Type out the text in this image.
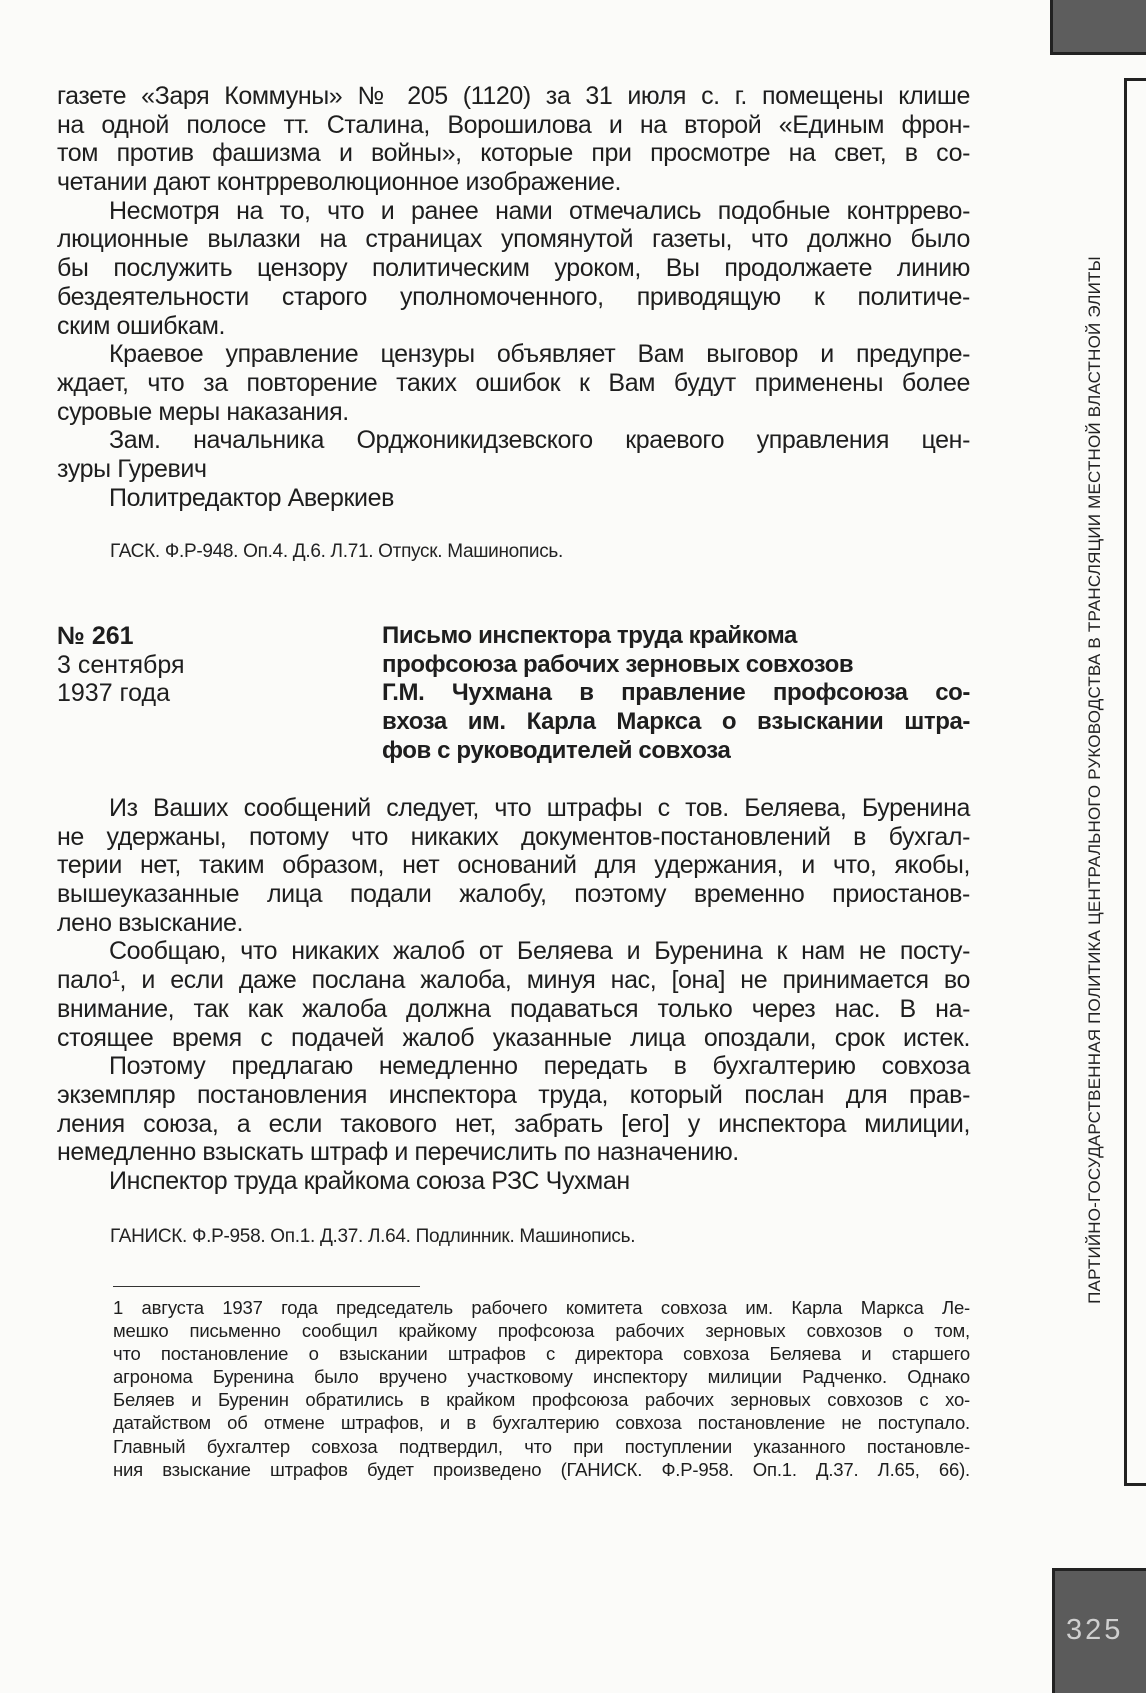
ПАРТИЙНО-ГОСУДАРСТВЕННАЯ ПОЛИТИКА ЦЕНТРАЛЬНОГО РУКОВОДСТВА В ТРАНСЛЯЦИИ МЕСТНОЙ ВЛАСТНОЙ ЭЛИТЫ
325
газете «Заря Коммуны» № 205 (1120) за 31 июля с. г. помещены клише
на одной полосе тт. Сталина, Ворошилова и на второй «Единым фрон-
том против фашизма и войны», которые при просмотре на свет, в со-
четании дают контрреволюционное изображение.
Несмотря на то, что и ранее нами отмечались подобные контррево-
люционные вылазки на страницах упомянутой газеты, что должно было
бы послужить цензору политическим уроком, Вы продолжаете линию
бездеятельности старого уполномоченного, приводящую к политиче-
ским ошибкам.
Краевое управление цензуры объявляет Вам выговор и предупре-
ждает, что за повторение таких ошибок к Вам будут применены более
суровые меры наказания.
Зам. начальника Орджоникидзевского краевого управления цен-
зуры Гуревич
Политредактор Аверкиев
ГАСК. Ф.Р-948. Оп.4. Д.6. Л.71. Отпуск. Машинопись.
№ 261
3 сентября
1937 года
Письмо инспектора труда крайкома
профсоюза рабочих зерновых совхозов
Г.М. Чухмана в правление профсоюза со-
вхоза им. Карла Маркса о взыскании штра-
фов с руководителей совхоза
Из Ваших сообщений следует, что штрафы с тов. Беляева, Буренина
не удержаны, потому что никаких документов-постановлений в бухгал-
терии нет, таким образом, нет оснований для удержания, и что, якобы,
вышеуказанные лица подали жалобу, поэтому временно приостанов-
лено взыскание.
Сообщаю, что никаких жалоб от Беляева и Буренина к нам не посту-
пало¹, и если даже послана жалоба, минуя нас, [она] не принимается во
внимание, так как жалоба должна подаваться только через нас. В на-
стоящее время с подачей жалоб указанные лица опоздали, срок истек.
Поэтому предлагаю немедленно передать в бухгалтерию совхоза
экземпляр постановления инспектора труда, который послан для прав-
ления союза, а если такового нет, забрать [его] у инспектора милиции,
немедленно взыскать штраф и перечислить по назначению.
Инспектор труда крайкома союза РЗС Чухман
ГАНИСК. Ф.Р-958. Оп.1. Д.37. Л.64. Подлинник. Машинопись.
1 августа 1937 года председатель рабочего комитета совхоза им. Карла Маркса Ле-
мешко письменно сообщил крайкому профсоюза рабочих зерновых совхозов о том,
что постановление о взыскании штрафов с директора совхоза Беляева и старшего
агронома Буренина было вручено участковому инспектору милиции Радченко. Однако
Беляев и Буренин обратились в крайком профсоюза рабочих зерновых совхозов с хо-
датайством об отмене штрафов, и в бухгалтерию совхоза постановление не поступало.
Главный бухгалтер совхоза подтвердил, что при поступлении указанного постановле-
ния взыскание штрафов будет произведено (ГАНИСК. Ф.Р-958. Оп.1. Д.37. Л.65, 66).
